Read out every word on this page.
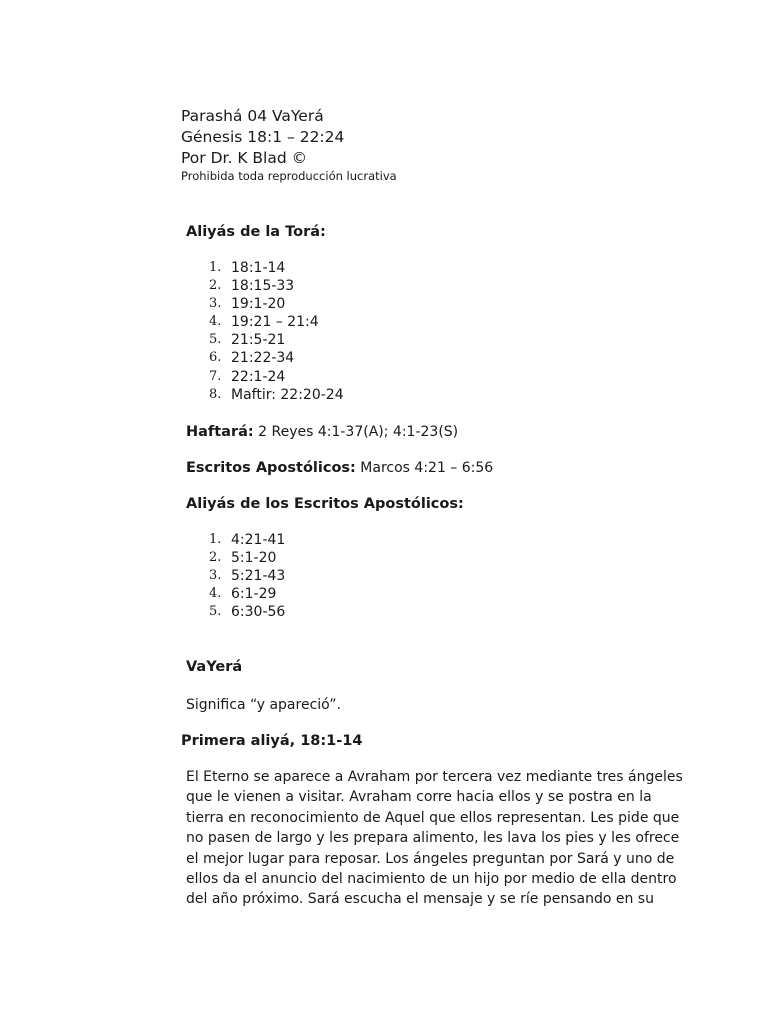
Parashá 04 VaYerá

Génesis 18:1 – 22:24

Por Dr. K Blad ©

Prohibida toda reproducción lucrativa

Aliyás de la Torá:

1. 18:1-14
2. 18:15-33
3. 19:1-20
4. 19:21 – 21:4
5. 21:5-21
6. 21:22-34
7. 22:1-24
8. Maftir: 22:20-24

Haftará: 2 Reyes 4:1-37(A); 4:1-23(S)

Escritos Apostólicos: Marcos 4:21 – 6:56

Aliyás de los Escritos Apostólicos:

1. 4:21-41
2. 5:1-20
3. 5:21-43
4. 6:1-29
5. 6:30-56

VaYerá

Significa “y apareció”.

Primera aliyá, 18:1-14

El Eterno se aparece a Avraham por tercera vez mediante tres ángeles
que le vienen a visitar. Avraham corre hacia ellos y se postra en la
tierra en reconocimiento de Aquel que ellos representan. Les pide que
no pasen de largo y les prepara alimento, les lava los pies y les ofrece
el mejor lugar para reposar. Los ángeles preguntan por Sará y uno de
ellos da el anuncio del nacimiento de un hijo por medio de ella dentro
del año próximo. Sará escucha el mensaje y se ríe pensando en su
